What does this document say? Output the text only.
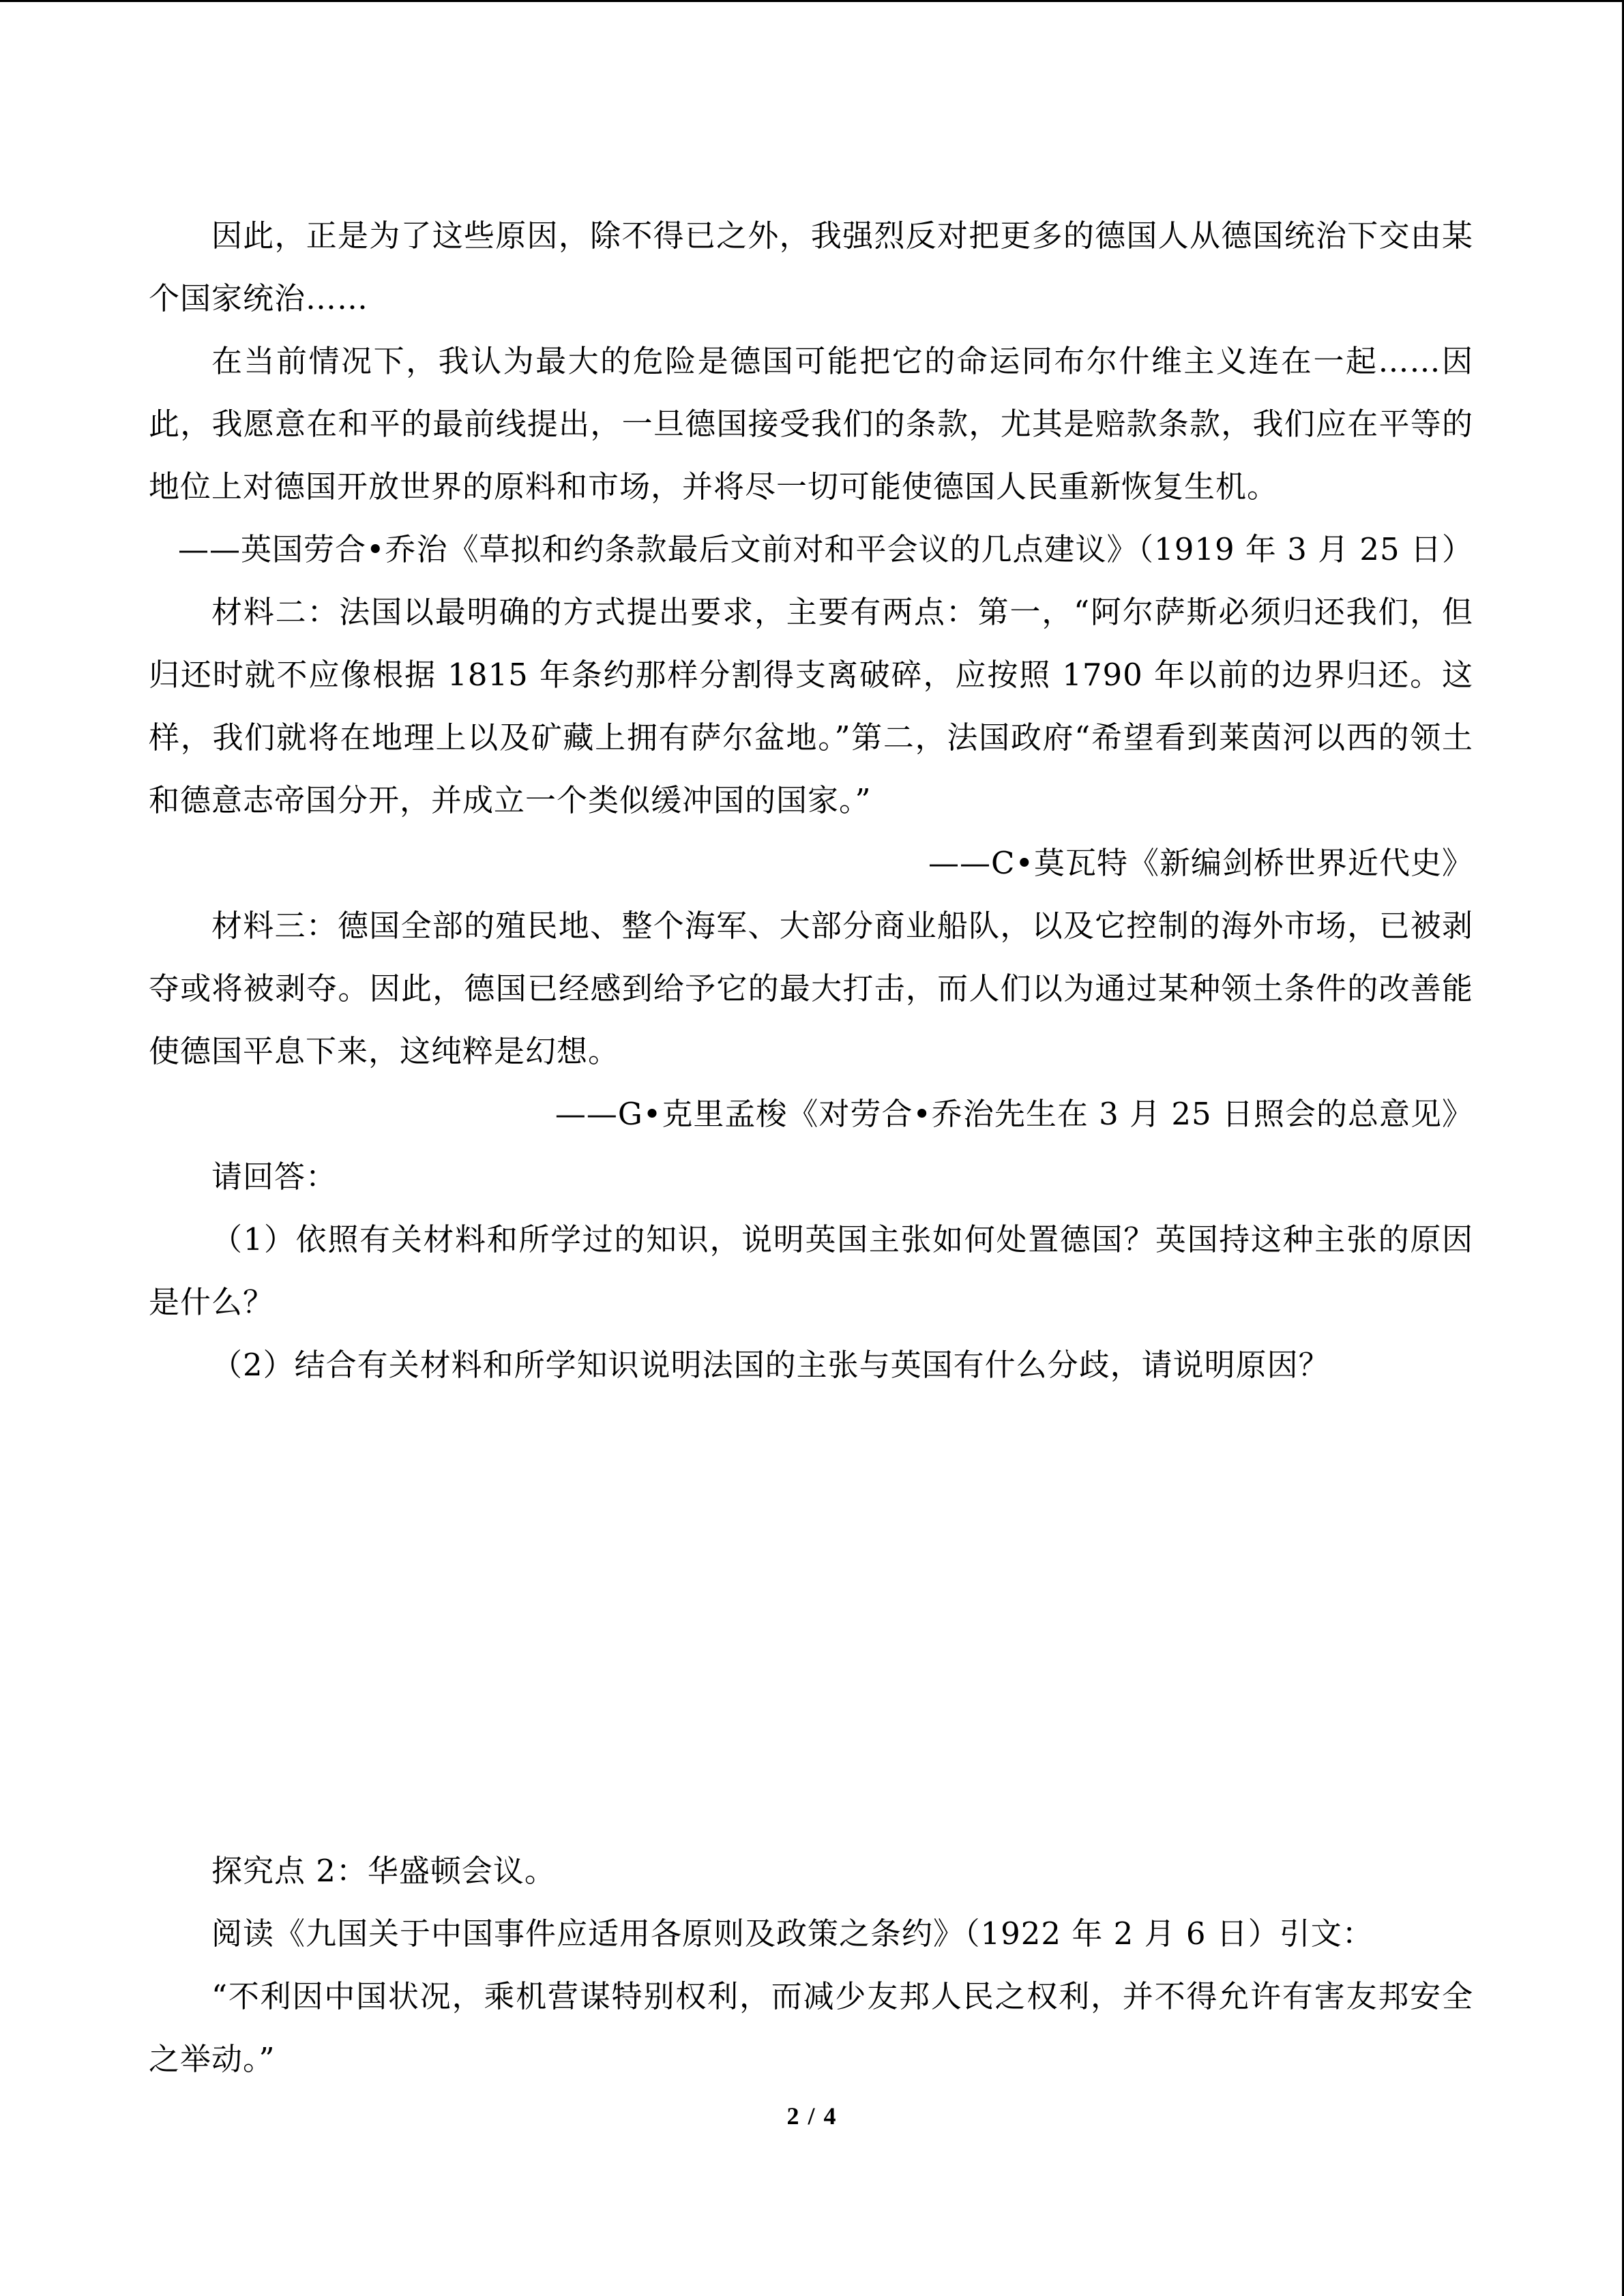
因此，正是为了这些原因，除不得已之外，我强烈反对把更多的德国人从德国统治下交由某个国家统治……

在当前情况下，我认为最大的危险是德国可能把它的命运同布尔什维主义连在一起……因此，我愿意在和平的最前线提出，一旦德国接受我们的条款，尤其是赔款条款，我们应在平等的地位上对德国开放世界的原料和市场，并将尽一切可能使德国人民重新恢复生机。

——英国劳合•乔治《草拟和约条款最后文前对和平会议的几点建议》（1919 年 3 月 25 日）

材料二：法国以最明确的方式提出要求，主要有两点：第一，“阿尔萨斯必须归还我们，但归还时就不应像根据 1815 年条约那样分割得支离破碎，应按照 1790 年以前的边界归还。这样，我们就将在地理上以及矿藏上拥有萨尔盆地。”第二，法国政府“希望看到莱茵河以西的领土和德意志帝国分开，并成立一个类似缓冲国的国家。”

——C•莫瓦特《新编剑桥世界近代史》

材料三：德国全部的殖民地、整个海军、大部分商业船队，以及它控制的海外市场，已被剥夺或将被剥夺。因此，德国已经感到给予它的最大打击，而人们以为通过某种领土条件的改善能使德国平息下来，这纯粹是幻想。

——G•克里孟梭《对劳合•乔治先生在 3 月 25 日照会的总意见》

请回答：

（1）依照有关材料和所学过的知识，说明英国主张如何处置德国？英国持这种主张的原因是什么？

（2）结合有关材料和所学知识说明法国的主张与英国有什么分歧，请说明原因？

探究点 2：华盛顿会议。

阅读《九国关于中国事件应适用各原则及政策之条约》（1922 年 2 月 6 日）引文：

“不利因中国状况，乘机营谋特别权利，而减少友邦人民之权利，并不得允许有害友邦安全之举动。”

2 / 4
